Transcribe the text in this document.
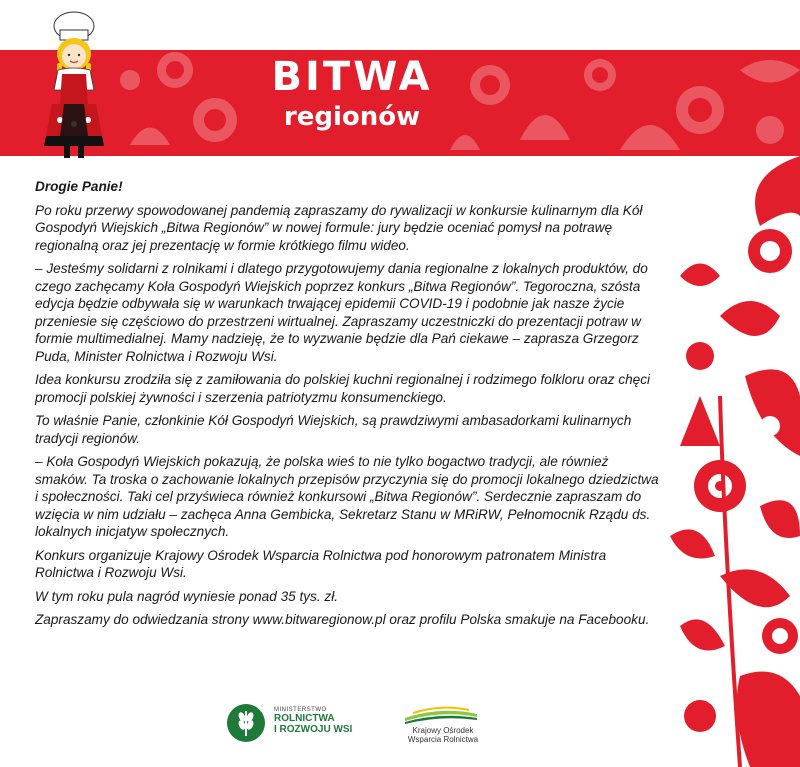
BITWA
regionów

Drogie Panie!

Po roku przerwy spowodowanej pandemią zapraszamy do rywalizacji w konkursie kulinarnym dla Kół Gospodyń Wiejskich „Bitwa Regionów” w nowej formule: jury będzie oceniać pomysł na potrawę regionalną oraz jej prezentację w formie krótkiego filmu wideo.

– Jesteśmy solidarni z rolnikami i dlatego przygotowujemy dania regionalne z lokalnych produktów, do czego zachęcamy Koła Gospodyń Wiejskich poprzez konkurs „Bitwa Regionów”. Tegoroczna, szósta edycja będzie odbywała się w warunkach trwającej epidemii COVID-19 i podobnie jak nasze życie przeniesie się częściowo do przestrzeni wirtualnej. Zapraszamy uczestniczki do prezentacji potraw w formie multimedialnej. Mamy nadzieję, że to wyzwanie będzie dla Pań ciekawe – zaprasza Grzegorz Puda, Minister Rolnictwa i Rozwoju Wsi.

Idea konkursu zrodziła się z zamiłowania do polskiej kuchni regionalnej i rodzimego folkloru oraz chęci promocji polskiej żywności i szerzenia patriotyzmu konsumenckiego.

To właśnie Panie, członkinie Kół Gospodyń Wiejskich, są prawdziwymi ambasadorkami kulinarnych tradycji regionów.

– Koła Gospodyń Wiejskich pokazują, że polska wieś to nie tylko bogactwo tradycji, ale również smaków. Ta troska o zachowanie lokalnych przepisów przyczynia się do promocji lokalnego dziedzictwa i społeczności. Taki cel przyświeca również konkursowi „Bitwa Regionów”. Serdecznie zapraszam do wzięcia w nim udziału – zachęca Anna Gembicka, Sekretarz Stanu w MRiRW, Pełnomocnik Rządu ds. lokalnych inicjatyw społecznych.

Konkurs organizuje Krajowy Ośrodek Wsparcia Rolnictwa pod honorowym patronatem Ministra Rolnictwa i Rozwoju Wsi.

W tym roku pula nagród wyniesie ponad 35 tys. zł.

Zapraszamy do odwiedzania strony www.bitwaregionow.pl oraz profilu Polska smakuje na Facebooku.

MINISTERSTWO
ROLNICTWA
I ROZWOJU WSI	Krajowy Ośrodek
Wsparcia Rolnictwa
